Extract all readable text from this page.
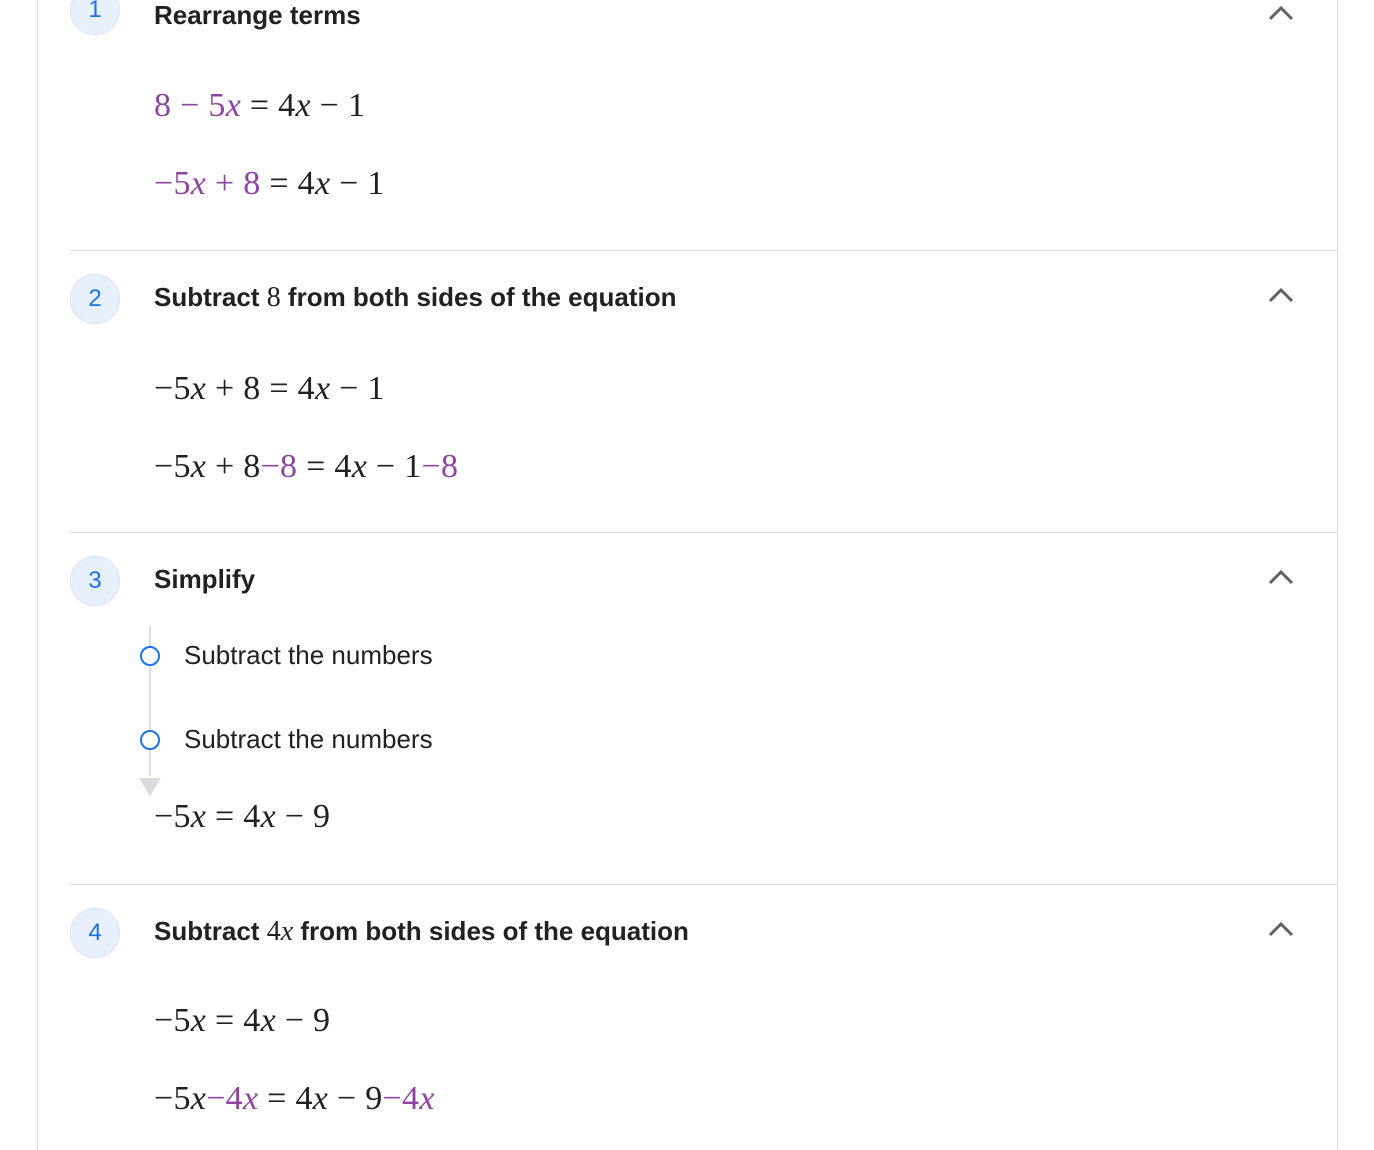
1 Rearrange terms
8 − 5x = 4x − 1
−5x + 8 = 4x − 1
2 Subtract 8 from both sides of the equation
−5x + 8 = 4x − 1
−5x + 8−8 = 4x − 1−8
3 Simplify
Subtract the numbers
Subtract the numbers
−5x = 4x − 9
4 Subtract 4x from both sides of the equation
−5x = 4x − 9
−5x−4x = 4x − 9−4x
